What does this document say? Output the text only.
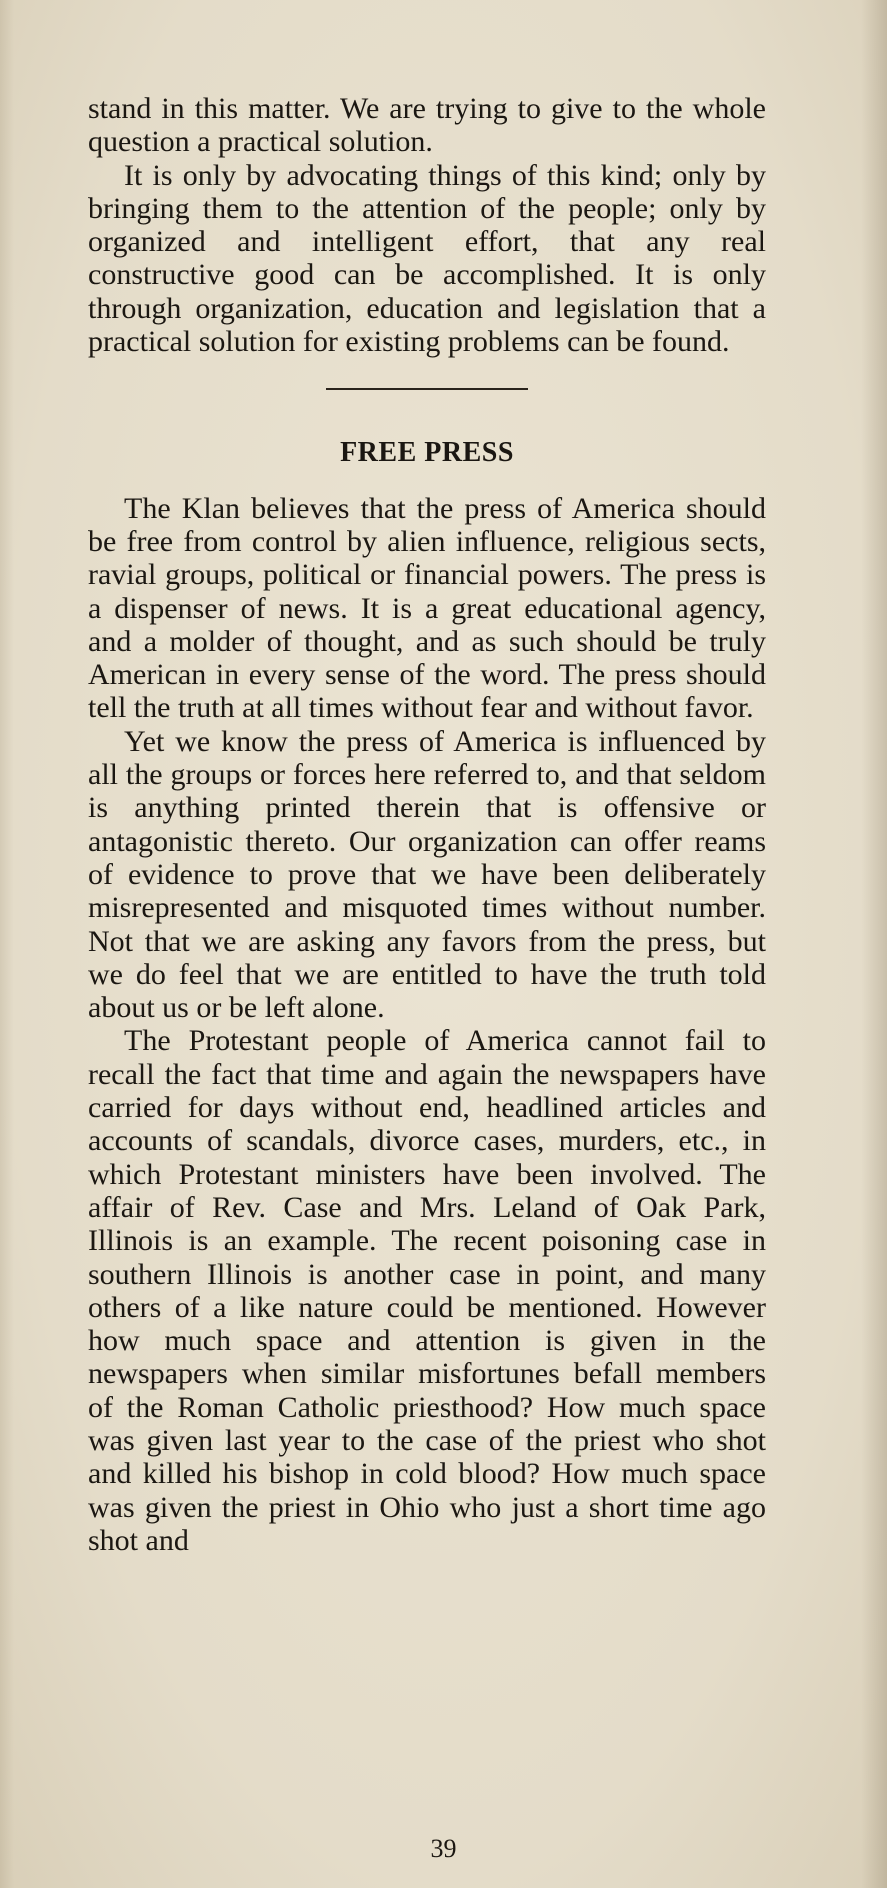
stand in this matter. We are trying to give to the whole question a practical solution.

It is only by advocating things of this kind; only by bringing them to the attention of the people; only by organized and intelligent effort, that any real constructive good can be accomplished. It is only through organization, education and legislation that a practical solution for existing problems can be found.

FREE PRESS

The Klan believes that the press of America should be free from control by alien influence, religious sects, ravial groups, political or financial powers. The press is a dispenser of news. It is a great educational agency, and a molder of thought, and as such should be truly American in every sense of the word. The press should tell the truth at all times without fear and without favor.

Yet we know the press of America is influenced by all the groups or forces here referred to, and that seldom is anything printed therein that is offensive or antagonistic thereto. Our organization can offer reams of evidence to prove that we have been deliberately misrepresented and misquoted times without number. Not that we are asking any favors from the press, but we do feel that we are entitled to have the truth told about us or be left alone.

The Protestant people of America cannot fail to recall the fact that time and again the newspapers have carried for days without end, headlined articles and accounts of scandals, divorce cases, murders, etc., in which Protestant ministers have been involved. The affair of Rev. Case and Mrs. Leland of Oak Park, Illinois is an example. The recent poisoning case in southern Illinois is another case in point, and many others of a like nature could be mentioned. However how much space and attention is given in the newspapers when similar misfortunes befall members of the Roman Catholic priesthood? How much space was given last year to the case of the priest who shot and killed his bishop in cold blood? How much space was given the priest in Ohio who just a short time ago shot and

39
